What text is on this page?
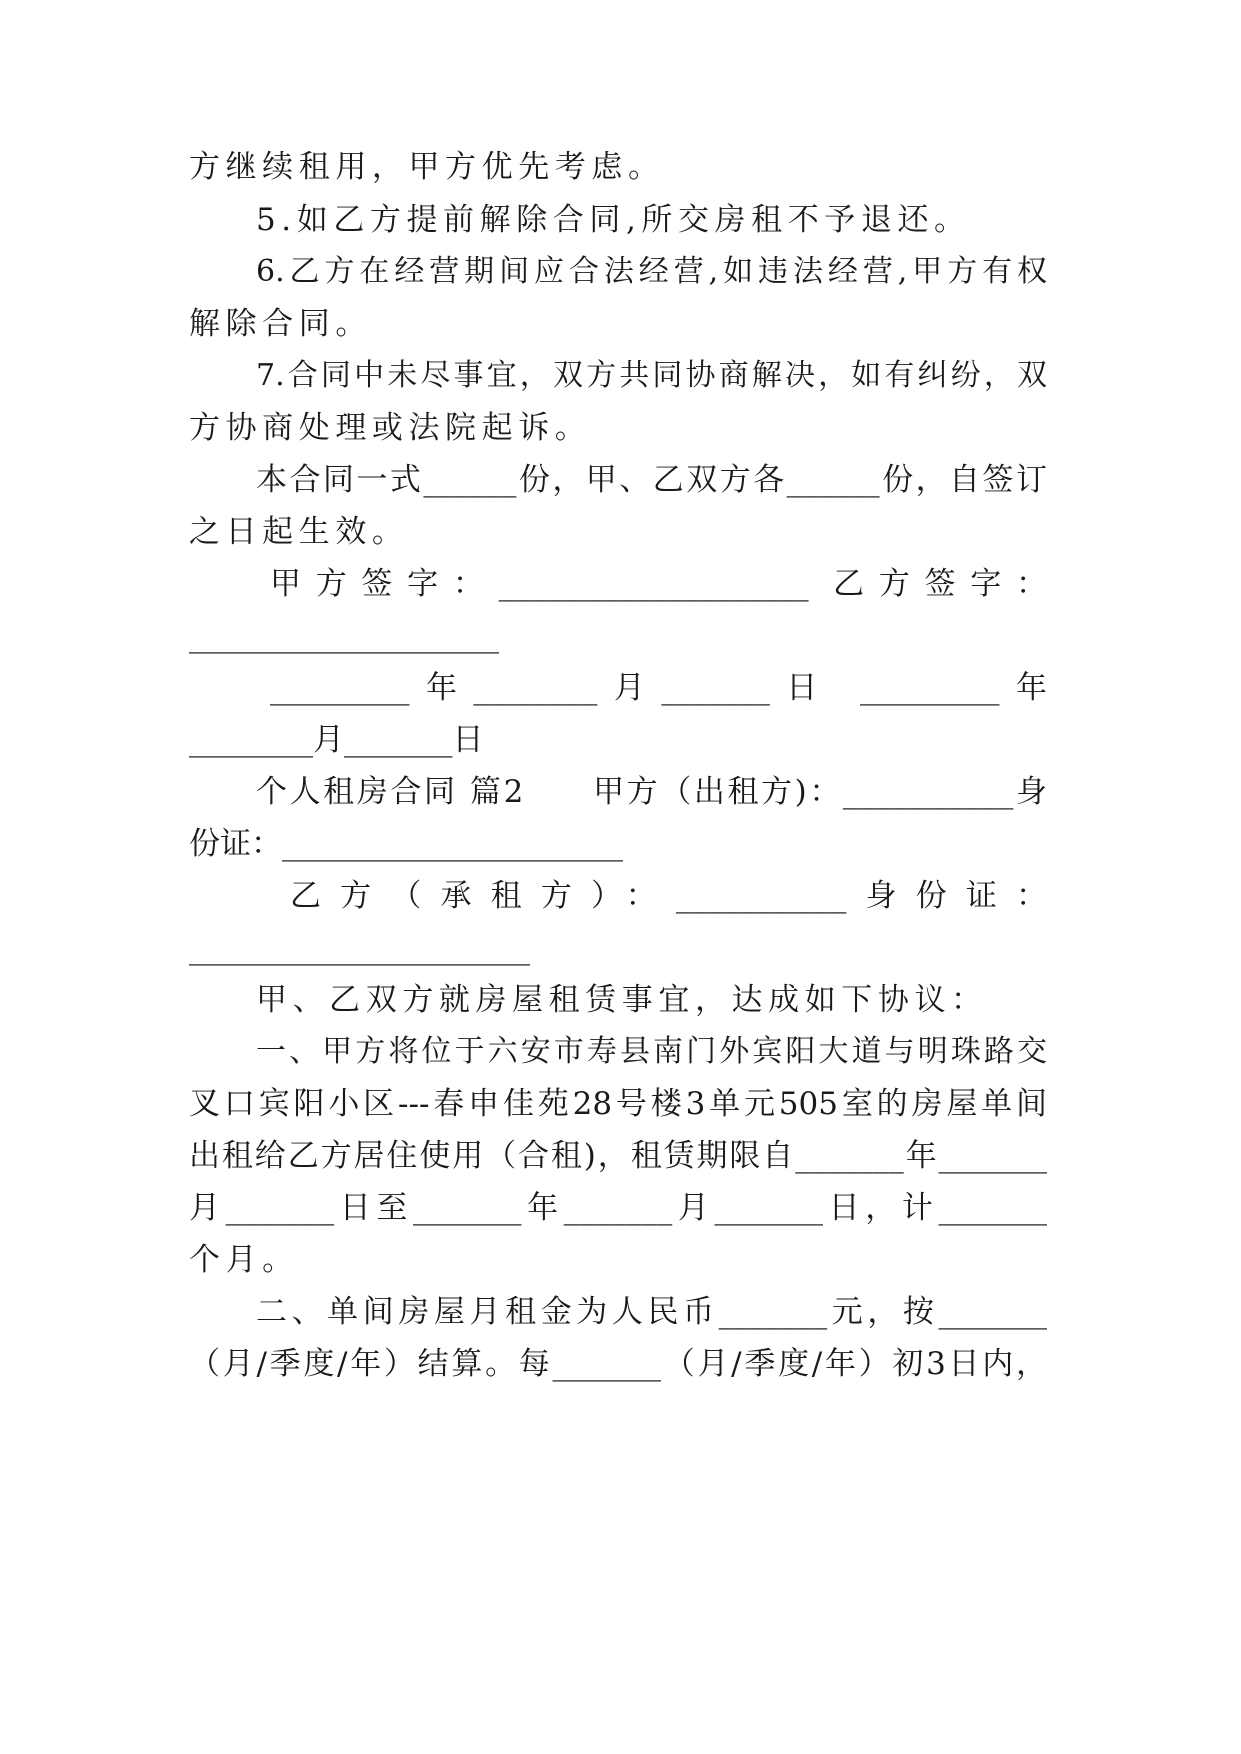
方继续租用，甲方优先考虑。
5.如乙方提前解除合同,所交房租不予退还。
6.乙方在经营期间应合法经营,如违法经营,甲方有权
解除合同。
7.合同中未尽事宜，双方共同协商解决，如有纠纷，双
方协商处理或法院起诉。
本合同一式______份，甲、乙双方各______份，自签订
之日起生效。
甲方签字：____________________ 乙方签字：
____________________
_________年________月_______日 _________年
________月_______日
个人租房合同 篇2　　甲方（出租方)：___________身
份证：______________________
乙方（承租方）：___________身份证：
______________________
甲、乙双方就房屋租赁事宜，达成如下协议：
一、甲方将位于六安市寿县南门外宾阳大道与明珠路交
叉口宾阳小区---春申佳苑28号楼3单元505室的房屋单间
出租给乙方居住使用（合租)，租赁期限自_______年_______
月_______日至_______年_______月_______日，计_______
个月。
二、单间房屋月租金为人民币_______元，按_______
（月/季度/年）结算。每_______（月/季度/年）初3日内，
